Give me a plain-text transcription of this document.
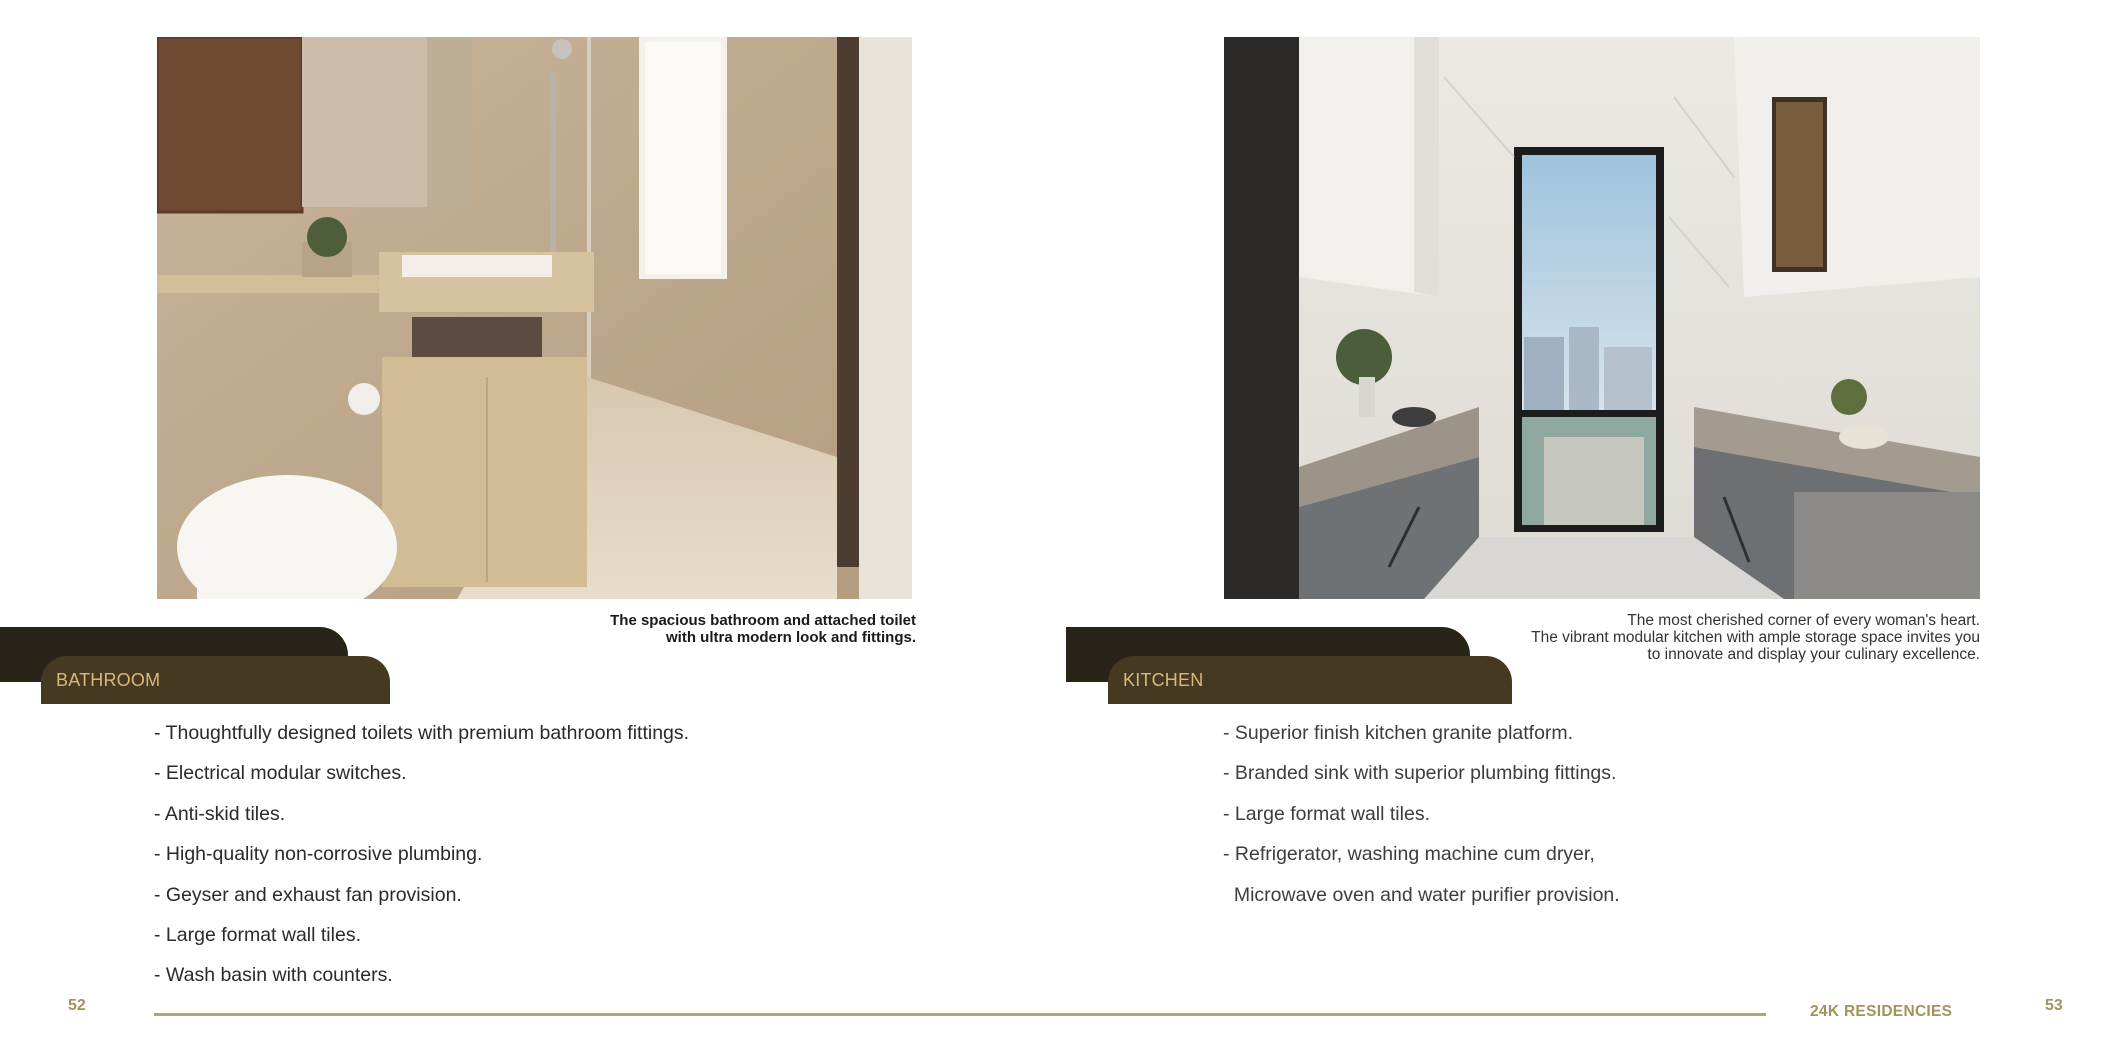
The spacious bathroom and attached toilet
with ultra modern look and fittings.
BATHROOM
- Thoughtfully designed toilets with premium bathroom fittings.
- Electrical modular switches.
- Anti-skid tiles.
- High-quality non-corrosive plumbing.
- Geyser and exhaust fan provision.
- Large format wall tiles.
- Wash basin with counters.
52
The most cherished corner of every woman's heart.
The vibrant modular kitchen with ample storage space invites you
to innovate and display your culinary excellence.
KITCHEN
- Superior finish kitchen granite platform.
- Branded sink with superior plumbing fittings.
- Large format wall tiles.
- Refrigerator, washing machine cum dryer,
Microwave oven and water purifier provision.
53
24K RESIDENCIES
